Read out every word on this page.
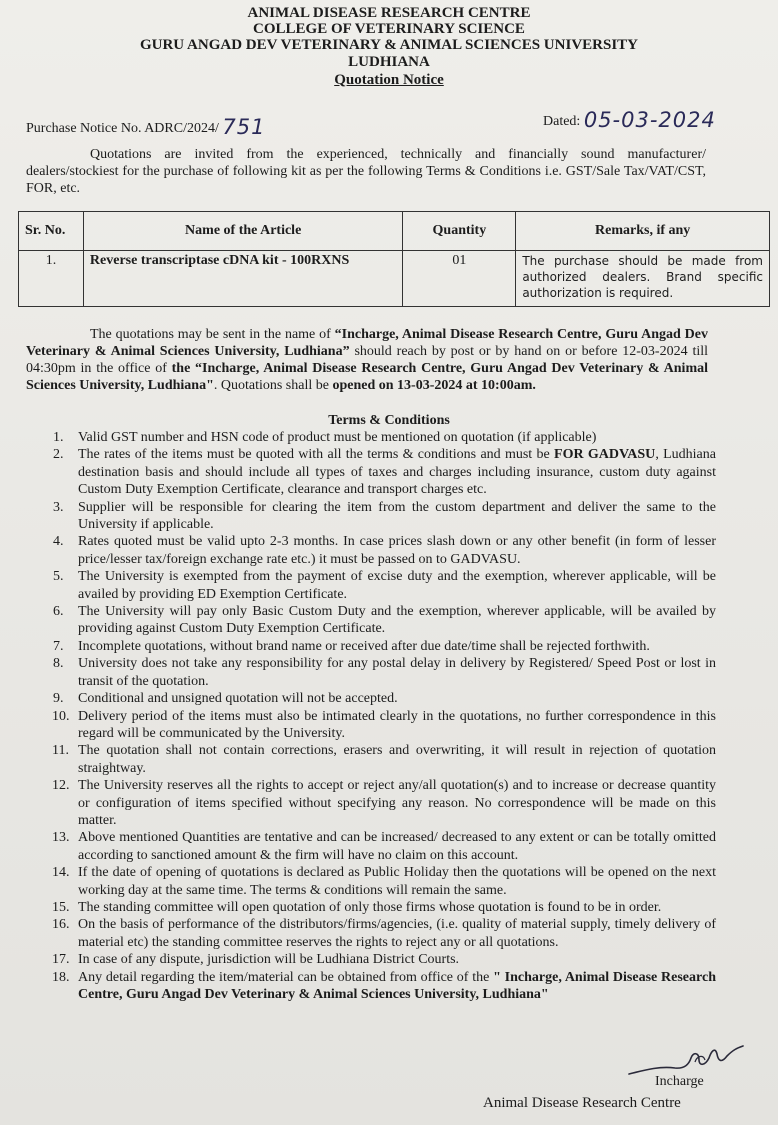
ANIMAL DISEASE RESEARCH CENTRE
COLLEGE OF VETERINARY SCIENCE
GURU ANGAD DEV VETERINARY & ANIMAL SCIENCES UNIVERSITY
LUDHIANA
Quotation Notice
Purchase Notice No. ADRC/2024/ 751	Dated: 05-03-2024
Quotations are invited from the experienced, technically and financially sound manufacturer/ dealers/stockiest for the purchase of following kit as per the following Terms & Conditions i.e. GST/Sale Tax/VAT/CST, FOR, etc.
Sr. No.	Name of the Article	Quantity	Remarks, if any
1.	Reverse transcriptase cDNA kit - 100RXNS	01	The purchase should be made from authorized dealers. Brand specific authorization is required.
The quotations may be sent in the name of “Incharge, Animal Disease Research Centre, Guru Angad Dev Veterinary & Animal Sciences University, Ludhiana” should reach by post or by hand on or before 12-03-2024 till 04:30pm in the office of the “Incharge, Animal Disease Research Centre, Guru Angad Dev Veterinary & Animal Sciences University, Ludhiana". Quotations shall be opened on 13-03-2024 at 10:00am.
Terms & Conditions
1. Valid GST number and HSN code of product must be mentioned on quotation (if applicable)
2. The rates of the items must be quoted with all the terms & conditions and must be FOR GADVASU, Ludhiana destination basis and should include all types of taxes and charges including insurance, custom duty against Custom Duty Exemption Certificate, clearance and transport charges etc.
3. Supplier will be responsible for clearing the item from the custom department and deliver the same to the University if applicable.
4. Rates quoted must be valid upto 2-3 months. In case prices slash down or any other benefit (in form of lesser price/lesser tax/foreign exchange rate etc.) it must be passed on to GADVASU.
5. The University is exempted from the payment of excise duty and the exemption, wherever applicable, will be availed by providing ED Exemption Certificate.
6. The University will pay only Basic Custom Duty and the exemption, wherever applicable, will be availed by providing against Custom Duty Exemption Certificate.
7. Incomplete quotations, without brand name or received after due date/time shall be rejected forthwith.
8. University does not take any responsibility for any postal delay in delivery by Registered/ Speed Post or lost in transit of the quotation.
9. Conditional and unsigned quotation will not be accepted.
10. Delivery period of the items must also be intimated clearly in the quotations, no further correspondence in this regard will be communicated by the University.
11. The quotation shall not contain corrections, erasers and overwriting, it will result in rejection of quotation straightway.
12. The University reserves all the rights to accept or reject any/all quotation(s) and to increase or decrease quantity or configuration of items specified without specifying any reason. No correspondence will be made on this matter.
13. Above mentioned Quantities are tentative and can be increased/ decreased to any extent or can be totally omitted according to sanctioned amount & the firm will have no claim on this account.
14. If the date of opening of quotations is declared as Public Holiday then the quotations will be opened on the next working day at the same time. The terms & conditions will remain the same.
15. The standing committee will open quotation of only those firms whose quotation is found to be in order.
16. On the basis of performance of the distributors/firms/agencies, (i.e. quality of material supply, timely delivery of material etc) the standing committee reserves the rights to reject any or all quotations.
17. In case of any dispute, jurisdiction will be Ludhiana District Courts.
18. Any detail regarding the item/material can be obtained from office of the " Incharge, Animal Disease Research Centre, Guru Angad Dev Veterinary & Animal Sciences University, Ludhiana"
Incharge
Animal Disease Research Centre
